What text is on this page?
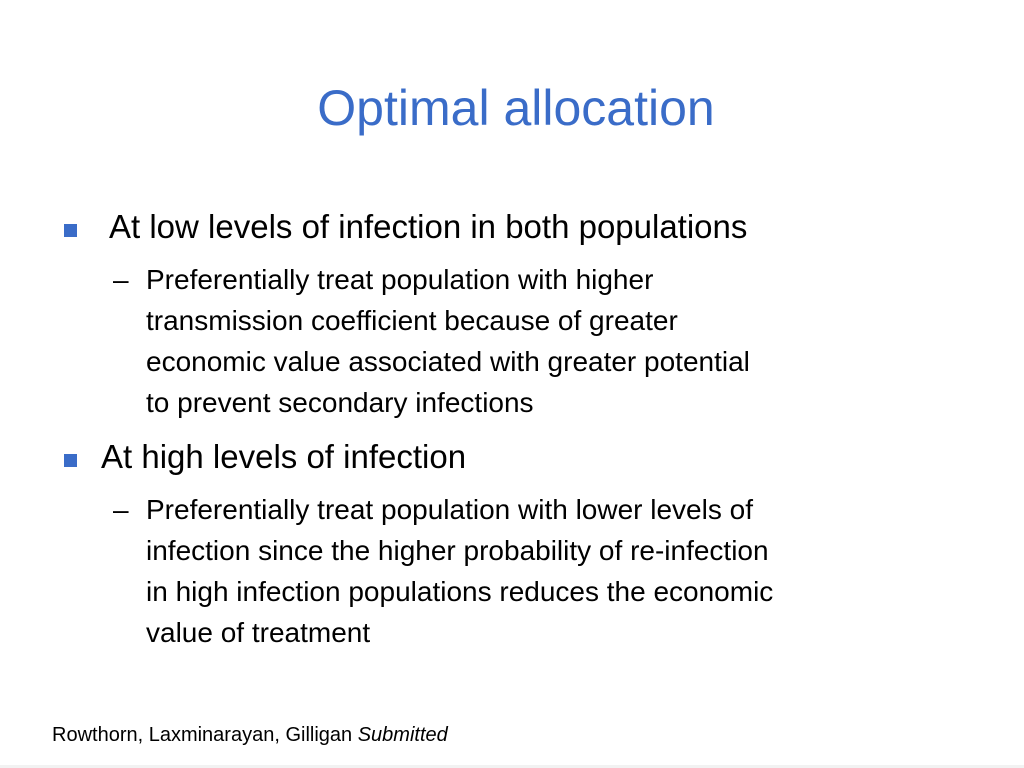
Optimal allocation
At low levels of infection in both populations
– Preferentially treat population with higher
transmission coefficient because of greater
economic value associated with greater potential
to prevent secondary infections
At high levels of infection
– Preferentially treat population with lower levels of
infection since the higher probability of re-infection
in high infection populations reduces the economic
value of treatment
Rowthorn, Laxminarayan, Gilligan Submitted
